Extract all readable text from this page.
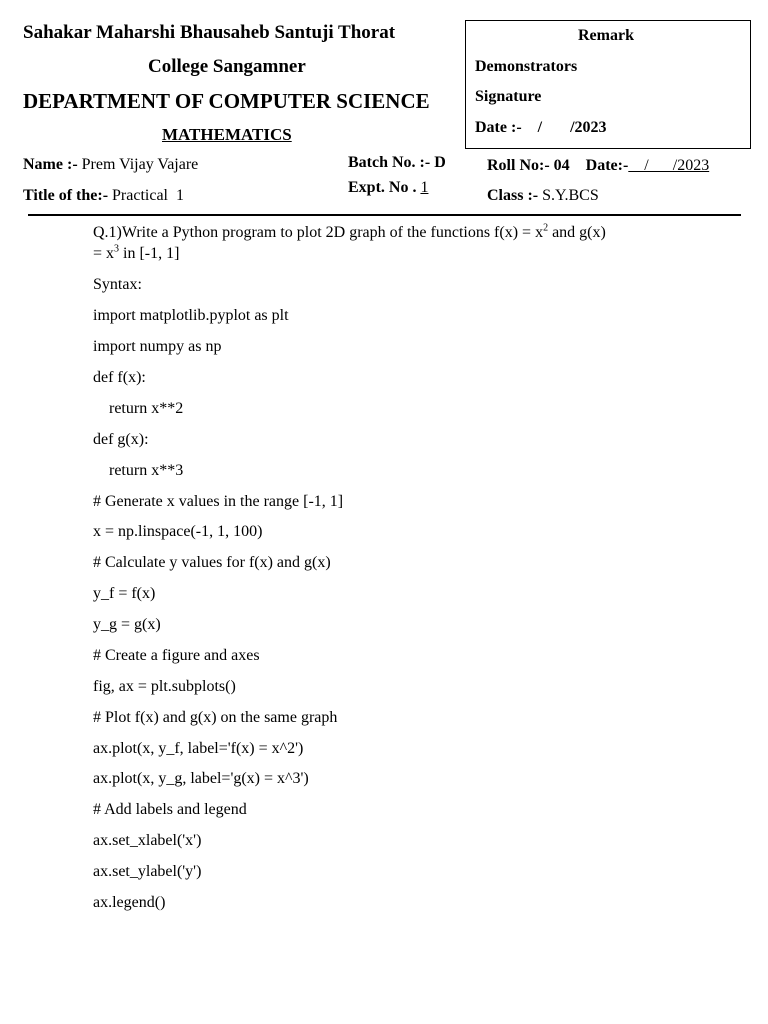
Sahakar Maharshi Bhausaheb Santuji Thorat
College Sangamner
DEPARTMENT OF COMPUTER SCIENCE
MATHEMATICS
Remark
Demonstrators
Signature
Date :- /       /2023
Name :- Prem Vijay Vajare
Title of the:- Practical  1
Batch No. :- D
Expt. No . 1
Roll No:- 04 Date:-    /      /2023
Class :- S.Y.BCS
Q.1)Write a Python program to plot 2D graph of the functions $f(x) = x^2$ and g(x)
= $x^3$ in [-1, 1]
Syntax:
import matplotlib.pyplot as plt
import numpy as np
def f(x):
return x**2
def g(x):
return x**3
# Generate x values in the range [-1, 1]
x = np.linspace(-1, 1, 100)
# Calculate y values for f(x) and g(x)
y_f = f(x)
y_g = g(x)
# Create a figure and axes
fig, ax = plt.subplots()
# Plot f(x) and g(x) on the same graph
ax.plot(x, y_f, label='f(x) = x^2')
ax.plot(x, y_g, label='g(x) = x^3')
# Add labels and legend
ax.set_xlabel('x')
ax.set_ylabel('y')
ax.legend()
